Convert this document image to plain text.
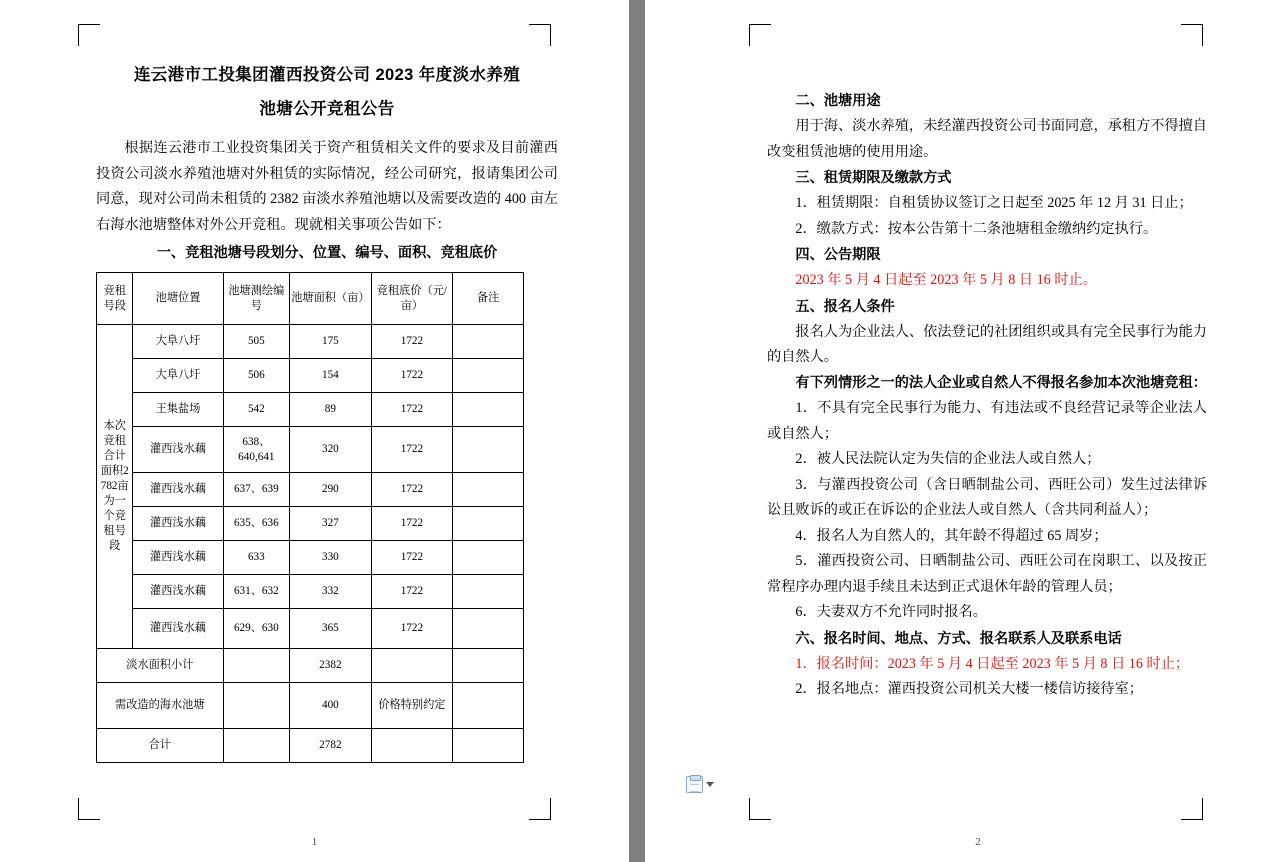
连云港市工投集团灌西投资公司 2023 年度淡水养殖
池塘公开竞租公告

根据连云港市工业投资集团关于资产租赁相关文件的要求及目前灌西投资公司淡水养殖池塘对外租赁的实际情况，经公司研究，报请集团公司同意，现对公司尚未租赁的 2382 亩淡水养殖池塘以及需要改造的 400 亩左右海水池塘整体对外公开竞租。现就相关事项公告如下：

一、竞租池塘号段划分、位置、编号、面积、竞租底价
竞租号段	池塘位置	池塘测绘编号	池塘面积（亩）	竞租底价（元/亩）	备注
本次竞租合计面积2782亩为一个竞租号段	大阜八圩	505	175	1722	
	大阜八圩	506	154	1722	
	王集盐场	542	89	1722	
	灌西浅水藕	638、640,641	320	1722	
	灌西浅水藕	637、639	290	1722	
	灌西浅水藕	635、636	327	1722	
	灌西浅水藕	633	330	1722	
	灌西浅水藕	631、632	332	1722	
	灌西浅水藕	629、630	365	1722	
淡水面积小计			2382		
需改造的海水池塘			400	价格特别约定	
合计			2782		
1
二、池塘用途

用于海、淡水养殖，未经灌西投资公司书面同意，承租方不得擅自改变租赁池塘的使用用途。

三、租赁期限及缴款方式

1．租赁期限：自租赁协议签订之日起至 2025 年 12 月 31 日止；

2．缴款方式：按本公告第十二条池塘租金缴纳约定执行。

四、公告期限

2023 年 5 月 4 日起至 2023 年 5 月 8 日 16 时止。

五、报名人条件

报名人为企业法人、依法登记的社团组织或具有完全民事行为能力的自然人。

有下列情形之一的法人企业或自然人不得报名参加本次池塘竞租：

1．不具有完全民事行为能力、有违法或不良经营记录等企业法人或自然人；

2．被人民法院认定为失信的企业法人或自然人；

3．与灌西投资公司（含日晒制盐公司、西旺公司）发生过法律诉讼且败诉的或正在诉讼的企业法人或自然人（含共同利益人）；

4．报名人为自然人的，其年龄不得超过 65 周岁；

5．灌西投资公司、日晒制盐公司、西旺公司在岗职工、以及按正常程序办理内退手续且未达到正式退休年龄的管理人员；

6．夫妻双方不允许同时报名。

六、报名时间、地点、方式、报名联系人及联系电话

1．报名时间：2023 年 5 月 4 日起至 2023 年 5 月 8 日 16 时止；

2．报名地点：灌西投资公司机关大楼一楼信访接待室；

2
